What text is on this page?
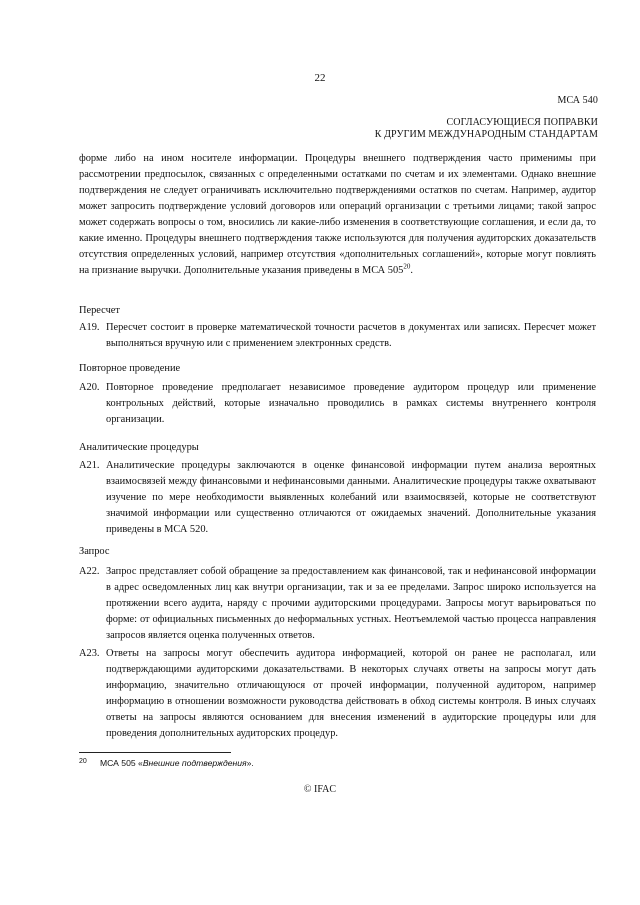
22
МСА 540
СОГЛАСУЮЩИЕСЯ ПОПРАВКИ
К ДРУГИМ МЕЖДУНАРОДНЫМ СТАНДАРТАМ
форме либо на ином носителе информации. Процедуры внешнего подтверждения часто применимы при рассмотрении предпосылок, связанных с определенными остатками по счетам и их элементами. Однако внешние подтверждения не следует ограничивать исключительно подтверждениями остатков по счетам. Например, аудитор может запросить подтверждение условий договоров или операций организации с третьими лицами; такой запрос может содержать вопросы о том, вносились ли какие-либо изменения в соответствующие соглашения, и если да, то какие именно. Процедуры внешнего подтверждения также используются для получения аудиторских доказательств отсутствия определенных условий, например отсутствия «дополнительных соглашений», которые могут повлиять на признание выручки. Дополнительные указания приведены в МСА $505^{20}$.
Пересчет
A19. Пересчет состоит в проверке математической точности расчетов в документах или записях. Пересчет может выполняться вручную или с применением электронных средств.
Повторное проведение
A20. Повторное проведение предполагает независимое проведение аудитором процедур или применение контрольных действий, которые изначально проводились в рамках системы внутреннего контроля организации.
Аналитические процедуры
A21. Аналитические процедуры заключаются в оценке финансовой информации путем анализа вероятных взаимосвязей между финансовыми и нефинансовыми данными. Аналитические процедуры также охватывают изучение по мере необходимости выявленных колебаний или взаимосвязей, которые не соответствуют значимой информации или существенно отличаются от ожидаемых значений. Дополнительные указания приведены в МСА 520.
Запрос
A22. Запрос представляет собой обращение за предоставлением как финансовой, так и нефинансовой информации в адрес осведомленных лиц как внутри организации, так и за ее пределами. Запрос широко используется на протяжении всего аудита, наряду с прочими аудиторскими процедурами. Запросы могут варьироваться по форме: от официальных письменных до неформальных устных. Неотъемлемой частью процесса направления запросов является оценка полученных ответов.
A23. Ответы на запросы могут обеспечить аудитора информацией, которой он ранее не располагал, или подтверждающими аудиторскими доказательствами. В некоторых случаях ответы на запросы могут дать информацию, значительно отличающуюся от прочей информации, полученной аудитором, например информацию в отношении возможности руководства действовать в обход системы контроля. В иных случаях ответы на запросы являются основанием для внесения изменений в аудиторские процедуры или для проведения дополнительных аудиторских процедур.
20 МСА 505 «Внешние подтверждения».
© IFAC
